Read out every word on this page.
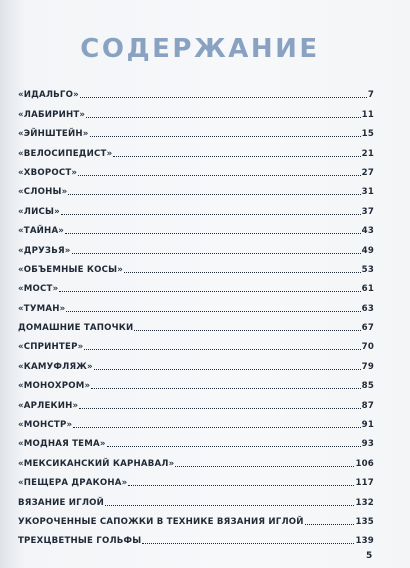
СОДЕРЖАНИЕ
«ИДАЛЬГО»	7
«ЛАБИРИНТ»	11
«ЭЙНШТЕЙН»	15
«ВЕЛОСИПЕДИСТ»	21
«ХВОРОСТ»	27
«СЛОНЫ»	31
«ЛИСЫ»	37
«ТАЙНА»	43
«ДРУЗЬЯ»	49
«ОБЪЕМНЫЕ КОСЫ»	53
«МОСТ»	61
«ТУМАН»	63
ДОМАШНИЕ ТАПОЧКИ	67
«СПРИНТЕР»	70
«КАМУФЛЯЖ»	79
«МОНОХРОМ»	85
«АРЛЕКИН»	87
«МОНСТР»	91
«МОДНАЯ ТЕМА»	93
«МЕКСИКАНСКИЙ КАРНАВАЛ»	106
«ПЕЩЕРА ДРАКОНА»	117
ВЯЗАНИЕ ИГЛОЙ	132
УКОРОЧЕННЫЕ САПОЖКИ В ТЕХНИКЕ ВЯЗАНИЯ ИГЛОЙ	135
ТРЕХЦВЕТНЫЕ ГОЛЬФЫ	139
5
